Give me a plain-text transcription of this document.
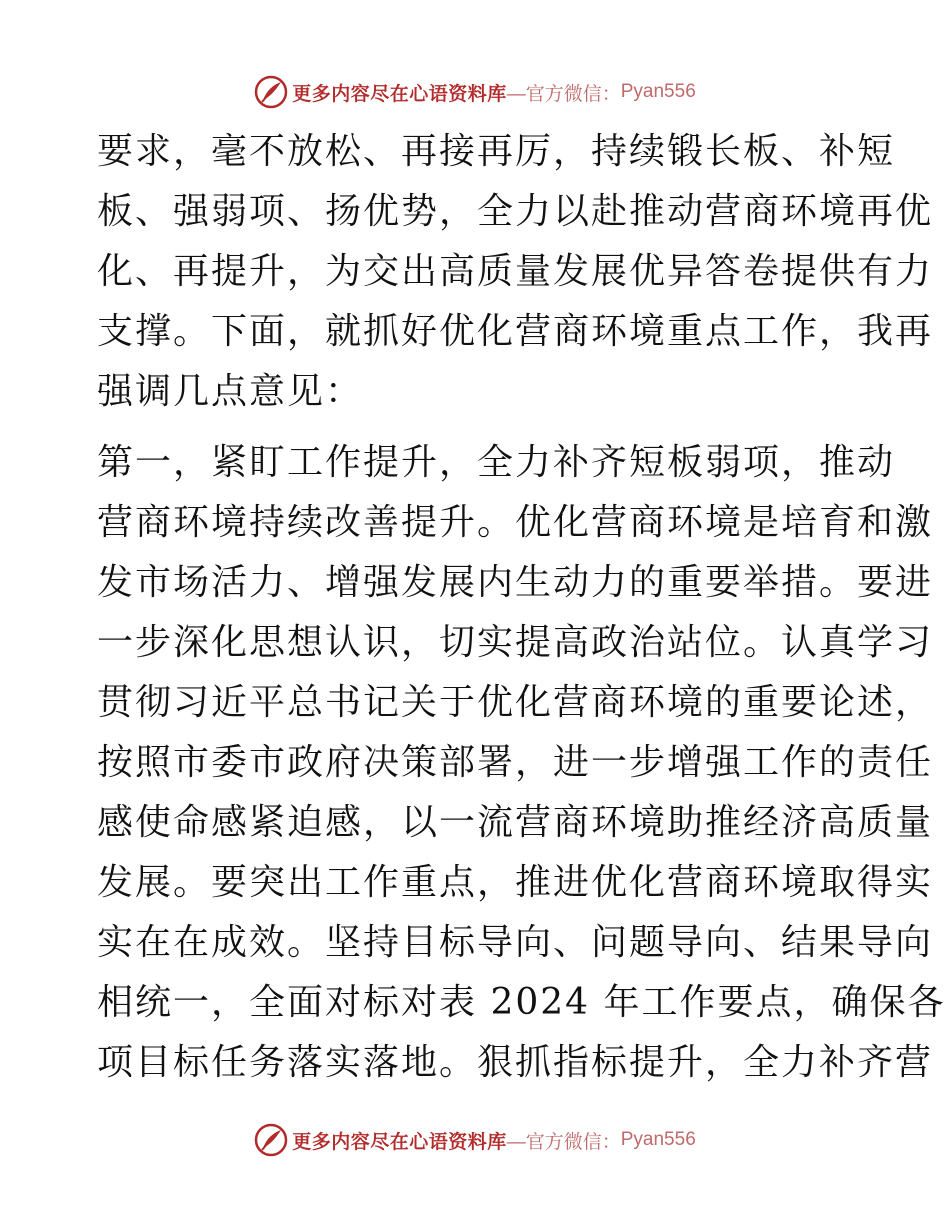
更多内容尽在心语资料库 —官方微信： Pyan556
要求，毫不放松、再接再厉，持续锻长板、补短
板、强弱项、扬优势，全力以赴推动营商环境再优
化、再提升，为交出高质量发展优异答卷提供有力
支撑。下面，就抓好优化营商环境重点工作，我再
强调几点意见：
第一，紧盯工作提升，全力补齐短板弱项，推动
营商环境持续改善提升。优化营商环境是培育和激
发市场活力、增强发展内生动力的重要举措。要进
一步深化思想认识，切实提高政治站位。认真学习
贯彻习近平总书记关于优化营商环境的重要论述，
按照市委市政府决策部署，进一步增强工作的责任
感使命感紧迫感，以一流营商环境助推经济高质量
发展。要突出工作重点，推进优化营商环境取得实
实在在成效。坚持目标导向、问题导向、结果导向
相统一，全面对标对表 2024 年工作要点，确保各
项目标任务落实落地。狠抓指标提升，全力补齐营
更多内容尽在心语资料库 —官方微信： Pyan556
